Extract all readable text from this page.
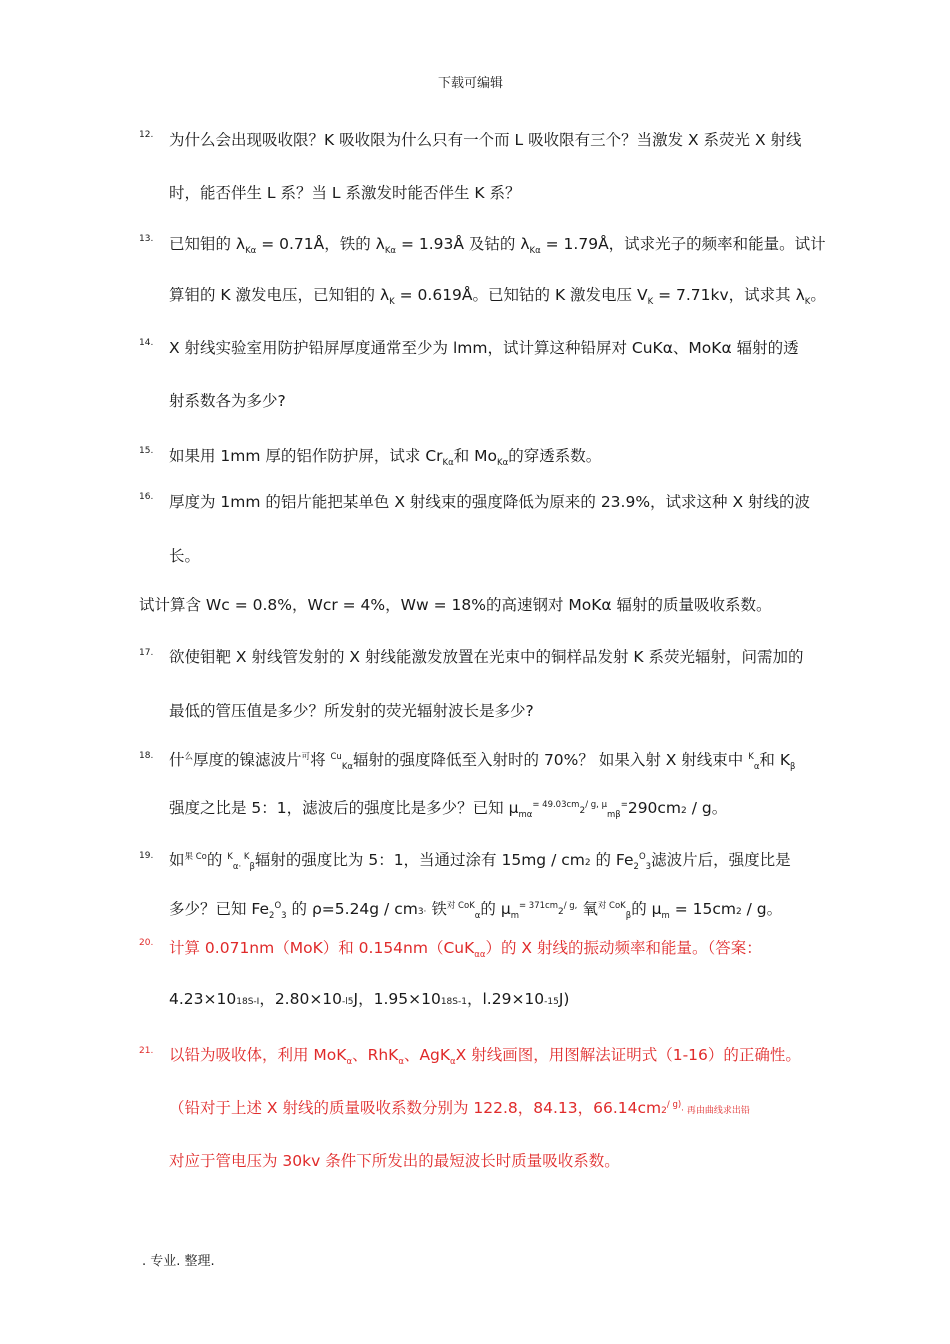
下载可编辑
12. 为什么会出现吸收限？K 吸收限为什么只有一个而 L 吸收限有三个？当激发 X 系荧光 X 射线
时，能否伴生 L 系？当 L 系激发时能否伴生 K 系？
13. 已知钼的 $\lambda_{K\alpha}$ = 0.71Å，铁的 $\lambda_{K\alpha}$ = 1.93Å 及钴的 $\lambda_{K\alpha}$ = 1.79Å，试求光子的频率和能量。试计
算钼的 K 激发电压，已知钼的 $\lambda_K$ = 0.619Å。已知钴的 K 激发电压 $V_K = 7.71kv$，试求其 $\lambda_K$。
14. X 射线实验室用防护铅屏厚度通常至少为 lmm，试计算这种铅屏对 CuKα、MoKα 辐射的透
射系数各为多少?
15. 如果用 1mm 厚的铝作防护屏，试求 $Cr_{K\alpha}$和 $Mo_{K\alpha}$的穿透系数。
16. 厚度为 1mm 的铝片能把某单色 X 射线束的强度降低为原来的 23.9%，试求这种 X 射线的波
长。
试计算含 Wc = 0.8%，Wcr = 4%，Ww = 18%的高速钢对 MoKα 辐射的质量吸收系数。
17. 欲使钼靶 X 射线管发射的 X 射线能激发放置在光束中的铜样品发射 K 系荧光辐射，问需加的
最低的管压值是多少？所发射的荧光辐射波长是多少?
18. 什$^么$厚度的镍滤波片$^可$将 $^{Cu}_{K\alpha}$辐射的强度降低至入射时的 70%？ 如果入射 X 射线束中 $^K_\alpha$和 $K_\beta$
强度之比是 5：1，滤波后的强度比是多少？已知 $\mu_{m\alpha}^{= 49.03cm}2^{/ g, \mu}_{m\beta}^=290cm2$ / g。
19. 如$^{果 Co}$的 $^K_{\alpha\cdot}$ $^K_\beta$辐射的强度比为 5：1，当通过涂有 15mg / cm2 的 $Fe_2^O_3$滤波片后，强度比是
多少？已知 $Fe_2^O_3$ 的 ρ=5.24g / cm3· 铁$^{对 CoK}_\alpha$的 $\mu_m^{= 371cm}2^{/ g,}$ 氧$^{对 CoK}_\beta$的 $\mu_m = 15cm2 / g$。
20. 计算 0.071nm（MoK）和 0.154nm（CuK$_{\alpha\alpha}$）的 X 射线的振动频率和能量。（答案：
4.23×1018S-I，2.80×10-l5J，1.95×1018S-1，l.29×10-15J)
21. 以铅为吸收体，利用 MoK$_\alpha$、RhK$_\alpha$、AgK$_\alpha$X 射线画图，用图解法证明式（1-16）的正确性。
（铅对于上述 X 射线的质量吸收系数分别为 122.8，84.13，$66.14cm2^{/ g)}\cdot$ 再由曲线求出铅
对应于管电压为 30kv 条件下所发出的最短波长时质量吸收系数。
. 专业. 整理.
